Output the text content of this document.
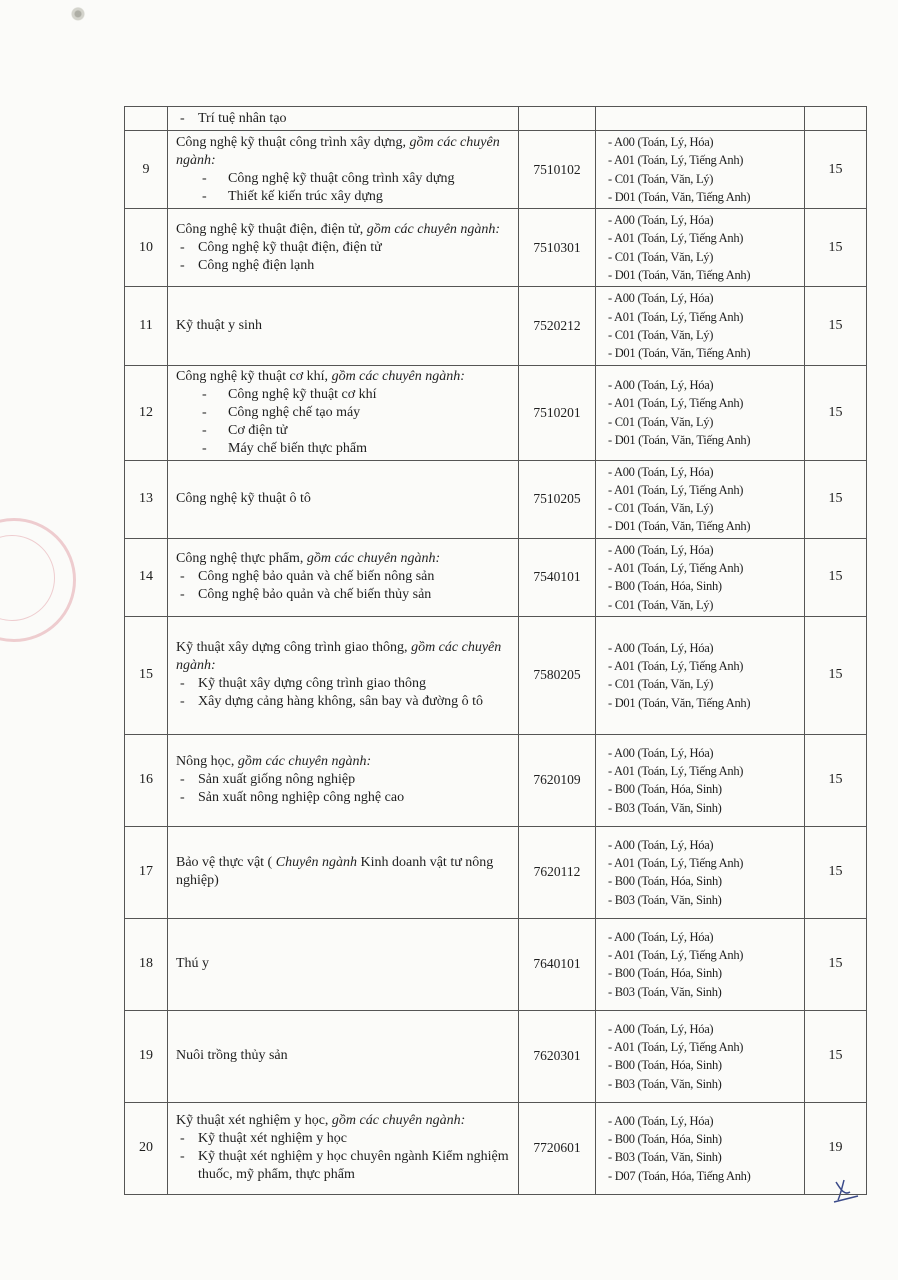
	- Trí tuệ nhân tạo

9	Công nghệ kỹ thuật công trình xây dựng, gồm các chuyên ngành:
- Công nghệ kỹ thuật công trình xây dựng
- Thiết kế kiến trúc xây dựng	7510102	- A00 (Toán, Lý, Hóa)
- A01 (Toán, Lý, Tiếng Anh)
- C01 (Toán, Văn, Lý)
- D01 (Toán, Văn, Tiếng Anh)	15
10	Công nghệ kỹ thuật điện, điện tử, gồm các chuyên ngành:
- Công nghệ kỹ thuật điện, điện tử
- Công nghệ điện lạnh	7510301	- A00 (Toán, Lý, Hóa)
- A01 (Toán, Lý, Tiếng Anh)
- C01 (Toán, Văn, Lý)
- D01 (Toán, Văn, Tiếng Anh)	15
11	Kỹ thuật y sinh	7520212	- A00 (Toán, Lý, Hóa)
- A01 (Toán, Lý, Tiếng Anh)
- C01 (Toán, Văn, Lý)
- D01 (Toán, Văn, Tiếng Anh)	15
12	Công nghệ kỹ thuật cơ khí, gồm các chuyên ngành:
- Công nghệ kỹ thuật cơ khí
- Công nghệ chế tạo máy
- Cơ điện tử
- Máy chế biến thực phẩm	7510201	- A00 (Toán, Lý, Hóa)
- A01 (Toán, Lý, Tiếng Anh)
- C01 (Toán, Văn, Lý)
- D01 (Toán, Văn, Tiếng Anh)	15
13	Công nghệ kỹ thuật ô tô	7510205	- A00 (Toán, Lý, Hóa)
- A01 (Toán, Lý, Tiếng Anh)
- C01 (Toán, Văn, Lý)
- D01 (Toán, Văn, Tiếng Anh)	15
14	Công nghệ thực phẩm, gồm các chuyên ngành:
- Công nghệ bảo quản và chế biến nông sản
- Công nghệ bảo quản và chế biến thủy sản	7540101	- A00 (Toán, Lý, Hóa)
- A01 (Toán, Lý, Tiếng Anh)
- B00 (Toán, Hóa, Sinh)
- C01 (Toán, Văn, Lý)	15
15	Kỹ thuật xây dựng công trình giao thông, gồm các chuyên ngành:
- Kỹ thuật xây dựng công trình giao thông
- Xây dựng cảng hàng không, sân bay và đường ô tô	7580205	- A00 (Toán, Lý, Hóa)
- A01 (Toán, Lý, Tiếng Anh)
- C01 (Toán, Văn, Lý)
- D01 (Toán, Văn, Tiếng Anh)	15
16	Nông học, gồm các chuyên ngành:
- Sản xuất giống nông nghiệp
- Sản xuất nông nghiệp công nghệ cao	7620109	- A00 (Toán, Lý, Hóa)
- A01 (Toán, Lý, Tiếng Anh)
- B00 (Toán, Hóa, Sinh)
- B03 (Toán, Văn, Sinh)	15
17	Bảo vệ thực vật ( Chuyên ngành Kinh doanh vật tư nông nghiệp)	7620112	- A00 (Toán, Lý, Hóa)
- A01 (Toán, Lý, Tiếng Anh)
- B00 (Toán, Hóa, Sinh)
- B03 (Toán, Văn, Sinh)	15
18	Thú y	7640101	- A00 (Toán, Lý, Hóa)
- A01 (Toán, Lý, Tiếng Anh)
- B00 (Toán, Hóa, Sinh)
- B03 (Toán, Văn, Sinh)	15
19	Nuôi trồng thủy sản	7620301	- A00 (Toán, Lý, Hóa)
- A01 (Toán, Lý, Tiếng Anh)
- B00 (Toán, Hóa, Sinh)
- B03 (Toán, Văn, Sinh)	15
20	Kỹ thuật xét nghiệm y học, gồm các chuyên ngành:
- Kỹ thuật xét nghiệm y học
- Kỹ thuật xét nghiệm y học chuyên ngành Kiểm nghiệm thuốc, mỹ phẩm, thực phẩm	7720601	- A00 (Toán, Lý, Hóa)
- B00 (Toán, Hóa, Sinh)
- B03 (Toán, Văn, Sinh)
- D07 (Toán, Hóa, Tiếng Anh)	19
